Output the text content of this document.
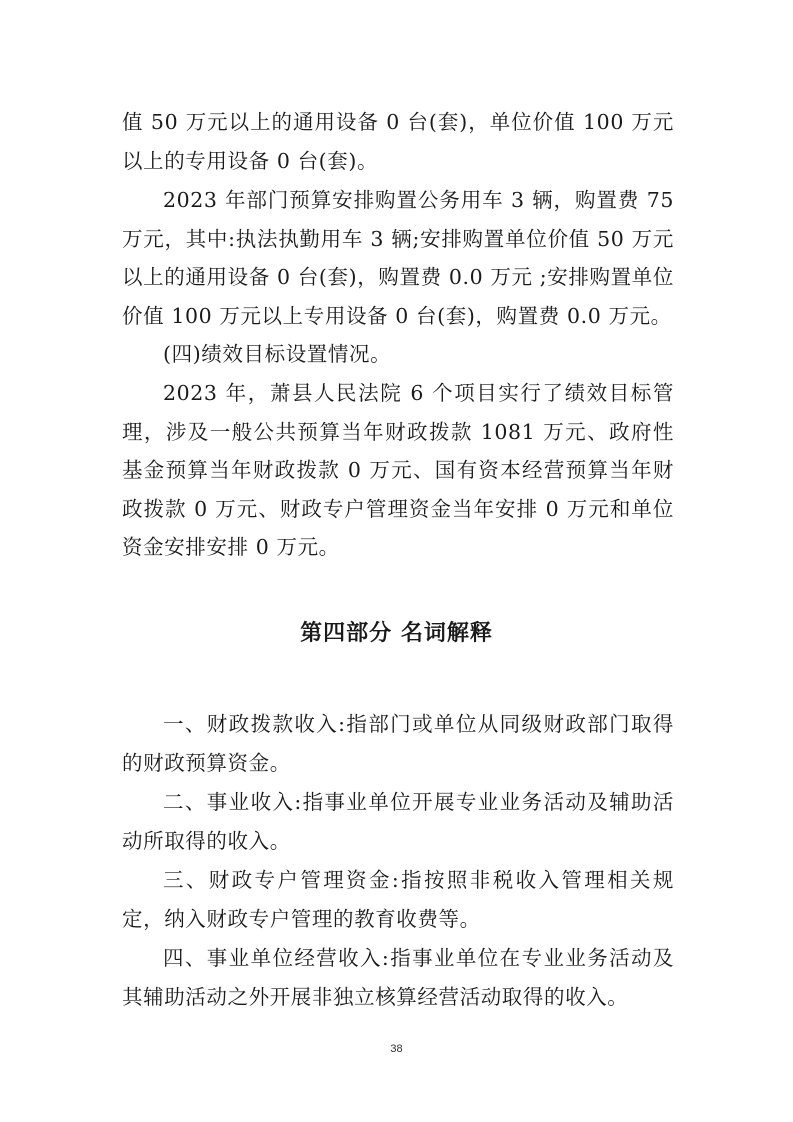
值 50 万元以上的通用设备 0 台(套)，单位价值 100 万元以上的专用设备 0 台(套)。

2023 年部门预算安排购置公务用车 3 辆，购置费 75 万元，其中:执法执勤用车 3 辆;安排购置单位价值 50 万元以上的通用设备 0 台(套)，购置费 0.0 万元 ;安排购置单位价值 100 万元以上专用设备 0 台(套)，购置费 0.0 万元。

(四)绩效目标设置情况。

2023 年，萧县人民法院 6 个项目实行了绩效目标管理，涉及一般公共预算当年财政拨款 1081 万元、政府性基金预算当年财政拨款 0 万元、国有资本经营预算当年财政拨款 0 万元、财政专户管理资金当年安排 0 万元和单位资金安排安排 0 万元。

第四部分 名词解释

一、财政拨款收入:指部门或单位从同级财政部门取得的财政预算资金。

二、事业收入:指事业单位开展专业业务活动及辅助活动所取得的收入。

三、财政专户管理资金:指按照非税收入管理相关规定，纳入财政专户管理的教育收费等。

四、事业单位经营收入:指事业单位在专业业务活动及其辅助活动之外开展非独立核算经营活动取得的收入。

38
